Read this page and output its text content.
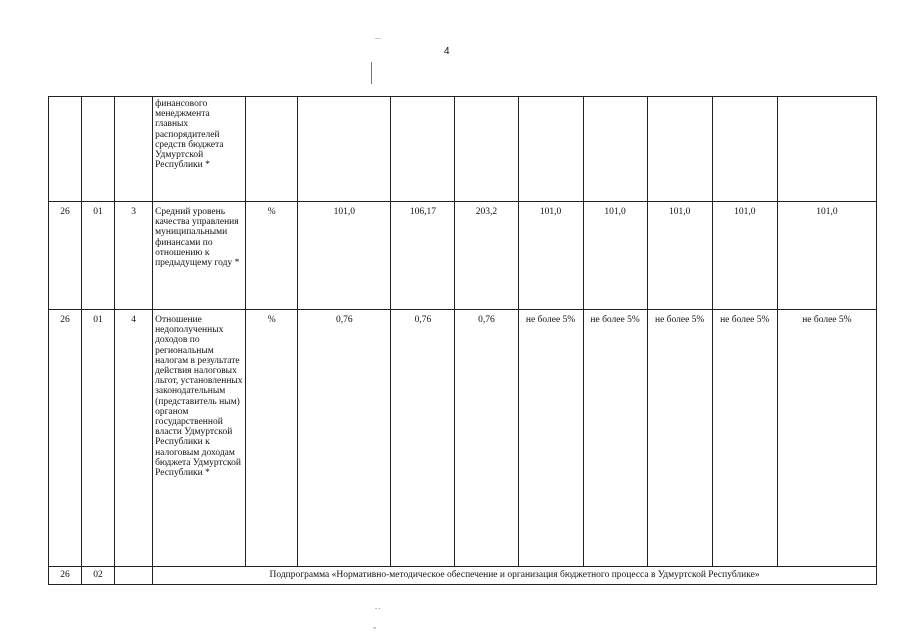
4
—
- -
=
			финансового менеджмента главных распорядителей средств бюджета Удмуртской Республики *									
26	01	3	Средний уровень качества управления муниципальными финансами по отношению к предыдущему году *	%	101,0	106,17	203,2	101,0	101,0	101,0	101,0	101,0
26	01	4	Отношение недополученных доходов по региональным налогам в результате действия налоговых льгот, установленных законодательным (представитель ным) органом государственной власти Удмуртской Республики к налоговым доходам бюджета Удмуртской Республики *	%	0,76	0,76	0,76	не более 5%	не более 5%	не более 5%	не более 5%	не более 5%
26	02		Подпрограмма «Нормативно-методическое обеспечение и организация бюджетного процесса в Удмуртской Республике»									
